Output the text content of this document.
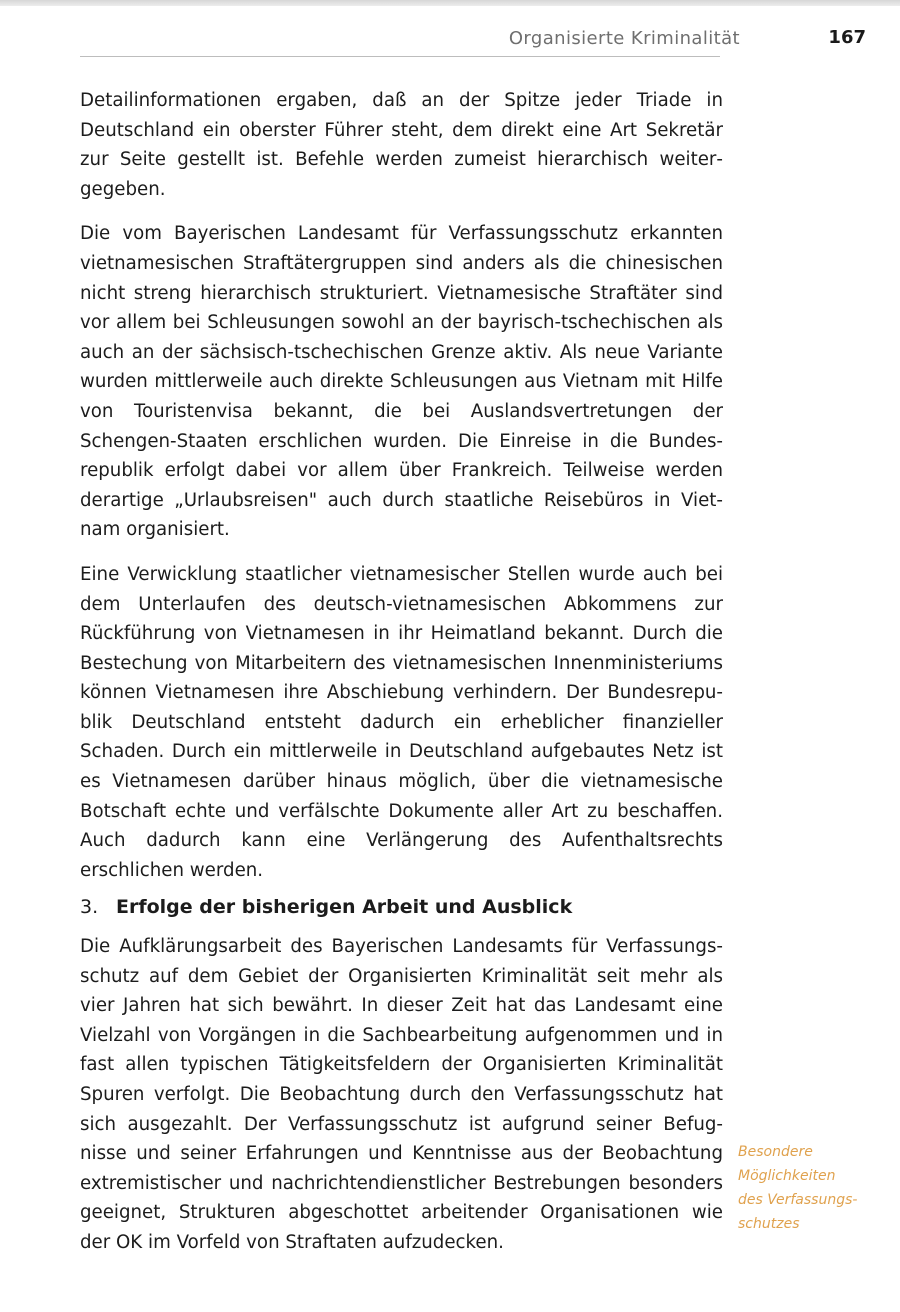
Organisierte Kriminalität	167

Detailinformationen ergaben, daß an der Spitze jeder Triade in Deutschland ein oberster Führer steht, dem direkt eine Art Sekretär zur Seite gestellt ist. Befehle werden zumeist hierarchisch weitergegeben.

Die vom Bayerischen Landesamt für Verfassungsschutz erkannten vietnamesischen Straftätergruppen sind anders als die chinesischen nicht streng hierarchisch strukturiert. Vietnamesische Straftäter sind vor allem bei Schleusungen sowohl an der bayrisch-tschechischen als auch an der sächsisch-tschechischen Grenze aktiv. Als neue Variante wurden mittlerweile auch direkte Schleusungen aus Vietnam mit Hilfe von Touristenvisa bekannt, die bei Auslandsvertretungen der Schengen-Staaten erschlichen wurden. Die Einreise in die Bundesrepublik erfolgt dabei vor allem über Frankreich. Teilweise werden derartige „Urlaubsreisen" auch durch staatliche Reisebüros in Vietnam organisiert.

Eine Verwicklung staatlicher vietnamesischer Stellen wurde auch bei dem Unterlaufen des deutsch-vietnamesischen Abkommens zur Rückführung von Vietnamesen in ihr Heimatland bekannt. Durch die Bestechung von Mitarbeitern des vietnamesischen Innenministeriums können Vietnamesen ihre Abschiebung verhindern. Der Bundesrepublik Deutschland entsteht dadurch ein erheblicher finanzieller Schaden. Durch ein mittlerweile in Deutschland aufgebautes Netz ist es Vietnamesen darüber hinaus möglich, über die vietnamesische Botschaft echte und verfälschte Dokumente aller Art zu beschaffen. Auch dadurch kann eine Verlängerung des Aufenthaltsrechts erschlichen werden.

3. Erfolge der bisherigen Arbeit und Ausblick

Die Aufklärungsarbeit des Bayerischen Landesamts für Verfassungsschutz auf dem Gebiet der Organisierten Kriminalität seit mehr als vier Jahren hat sich bewährt. In dieser Zeit hat das Landesamt eine Vielzahl von Vorgängen in die Sachbearbeitung aufgenommen und in fast allen typischen Tätigkeitsfeldern der Organisierten Kriminalität Spuren verfolgt. Die Beobachtung durch den Verfassungsschutz hat sich ausgezahlt. Der Verfassungsschutz ist aufgrund seiner Befugnisse und seiner Erfahrungen und Kenntnisse aus der Beobachtung extremistischer und nachrichtendienstlicher Bestrebungen besonders geeignet, Strukturen abgeschottet arbeitender Organisationen wie der OK im Vorfeld von Straftaten aufzudecken.

Besondere
Möglichkeiten
des Verfassungs-
schutzes
